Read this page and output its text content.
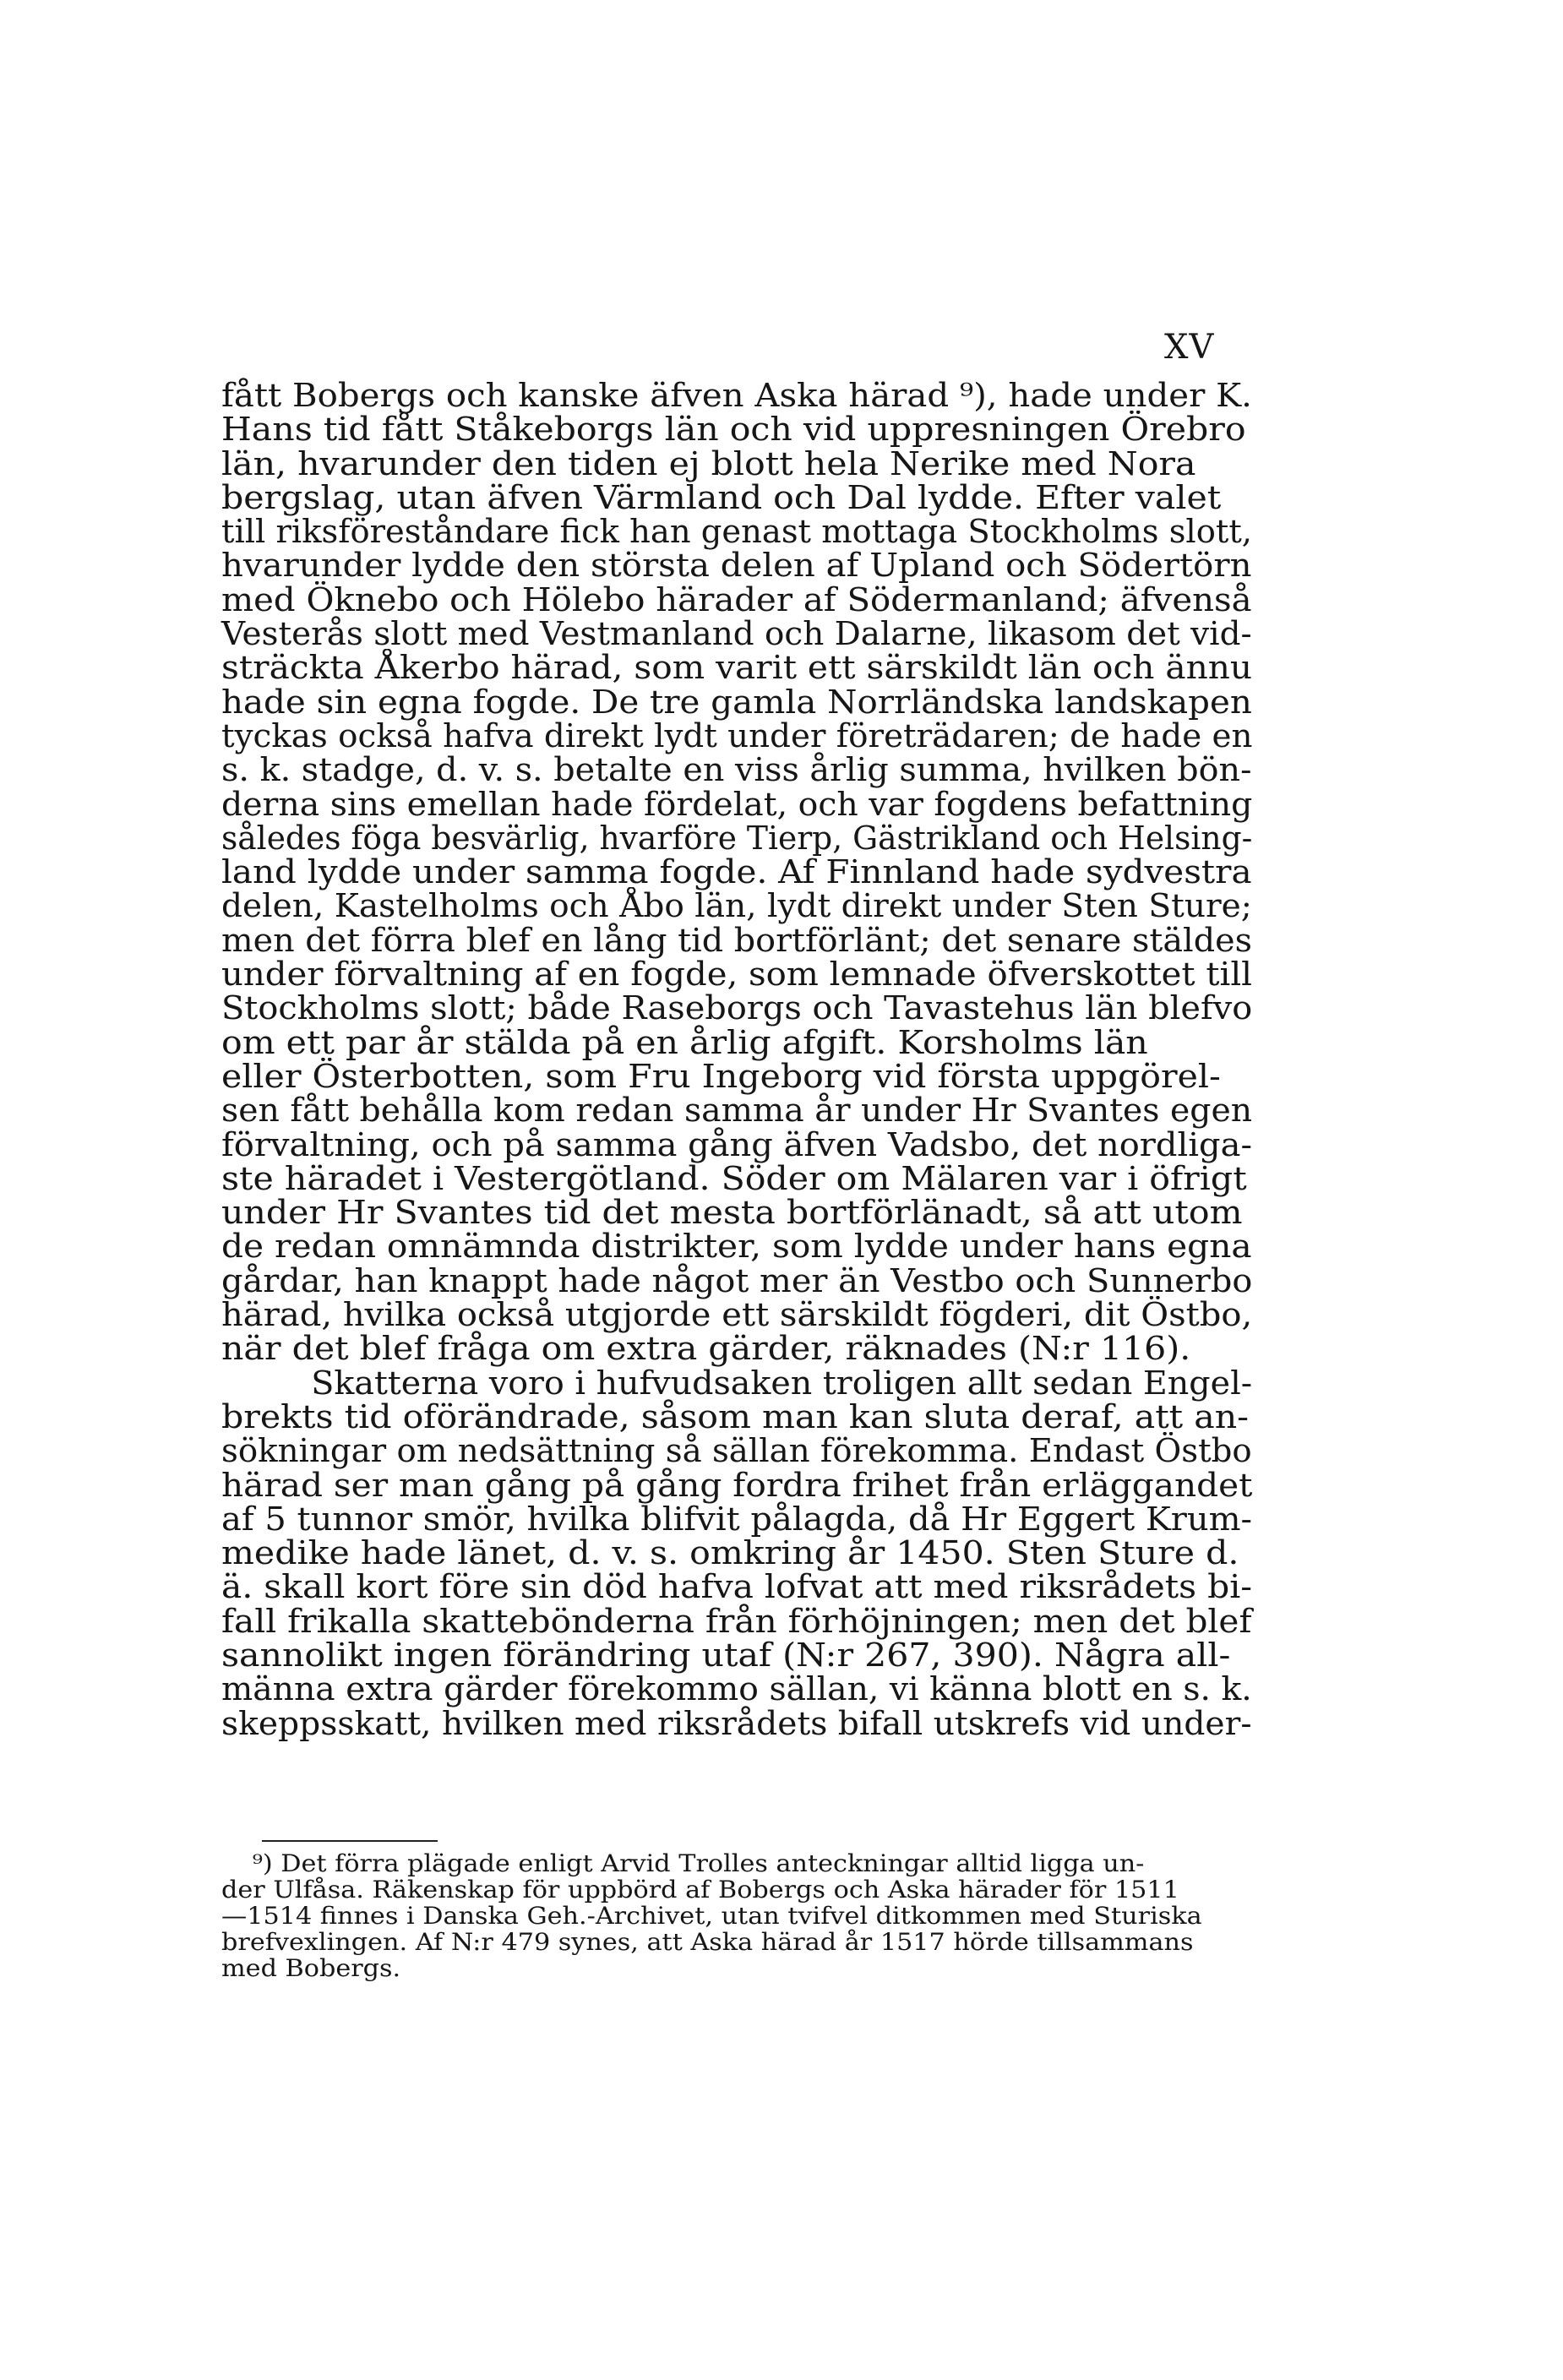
XV
fått Bobergs och kanske äfven Aska härad ⁹), hade under K.
Hans tid fått Ståkeborgs län och vid uppresningen Örebro
län, hvarunder den tiden ej blott hela Nerike med Nora
bergslag, utan äfven Värmland och Dal lydde. Efter valet
till riksföreståndare fick han genast mottaga Stockholms slott,
hvarunder lydde den största delen af Upland och Södertörn
med Öknebo och Hölebo härader af Södermanland; äfvenså
Vesterås slott med Vestmanland och Dalarne, likasom det vid-
sträckta Åkerbo härad, som varit ett särskildt län och ännu
hade sin egna fogde. De tre gamla Norrländska landskapen
tyckas också hafva direkt lydt under företrädaren; de hade en
s. k. stadge, d. v. s. betalte en viss årlig summa, hvilken bön-
derna sins emellan hade fördelat, och var fogdens befattning
således föga besvärlig, hvarföre Tierp, Gästrikland och Helsing-
land lydde under samma fogde. Af Finnland hade sydvestra
delen, Kastelholms och Åbo län, lydt direkt under Sten Sture;
men det förra blef en lång tid bortförlänt; det senare stäldes
under förvaltning af en fogde, som lemnade öfverskottet till
Stockholms slott; både Raseborgs och Tavastehus län blefvo
om ett par år stälda på en årlig afgift. Korsholms län
eller Österbotten, som Fru Ingeborg vid första uppgörel-
sen fått behålla kom redan samma år under Hr Svantes egen
förvaltning, och på samma gång äfven Vadsbo, det nordliga-
ste häradet i Vestergötland. Söder om Mälaren var i öfrigt
under Hr Svantes tid det mesta bortförlänadt, så att utom
de redan omnämnda distrikter, som lydde under hans egna
gårdar, han knappt hade något mer än Vestbo och Sunnerbo
härad, hvilka också utgjorde ett särskildt fögderi, dit Östbo,
när det blef fråga om extra gärder, räknades (N:r 116).
Skatterna voro i hufvudsaken troligen allt sedan Engel-
brekts tid oförändrade, såsom man kan sluta deraf, att an-
sökningar om nedsättning så sällan förekomma. Endast Östbo
härad ser man gång på gång fordra frihet från erläggandet
af 5 tunnor smör, hvilka blifvit pålagda, då Hr Eggert Krum-
medike hade länet, d. v. s. omkring år 1450. Sten Sture d.
ä. skall kort före sin död hafva lofvat att med riksrådets bi-
fall frikalla skattebönderna från förhöjningen; men det blef
sannolikt ingen förändring utaf (N:r 267, 390). Några all-
männa extra gärder förekommo sällan, vi känna blott en s. k.
skeppsskatt, hvilken med riksrådets bifall utskrefs vid under-
⁹) Det förra plägade enligt Arvid Trolles anteckningar alltid ligga un-
der Ulfåsa. Räkenskap för uppbörd af Bobergs och Aska härader för 1511
—1514 finnes i Danska Geh.-Archivet, utan tvifvel ditkommen med Sturiska
brefvexlingen. Af N:r 479 synes, att Aska härad år 1517 hörde tillsammans
med Bobergs.
